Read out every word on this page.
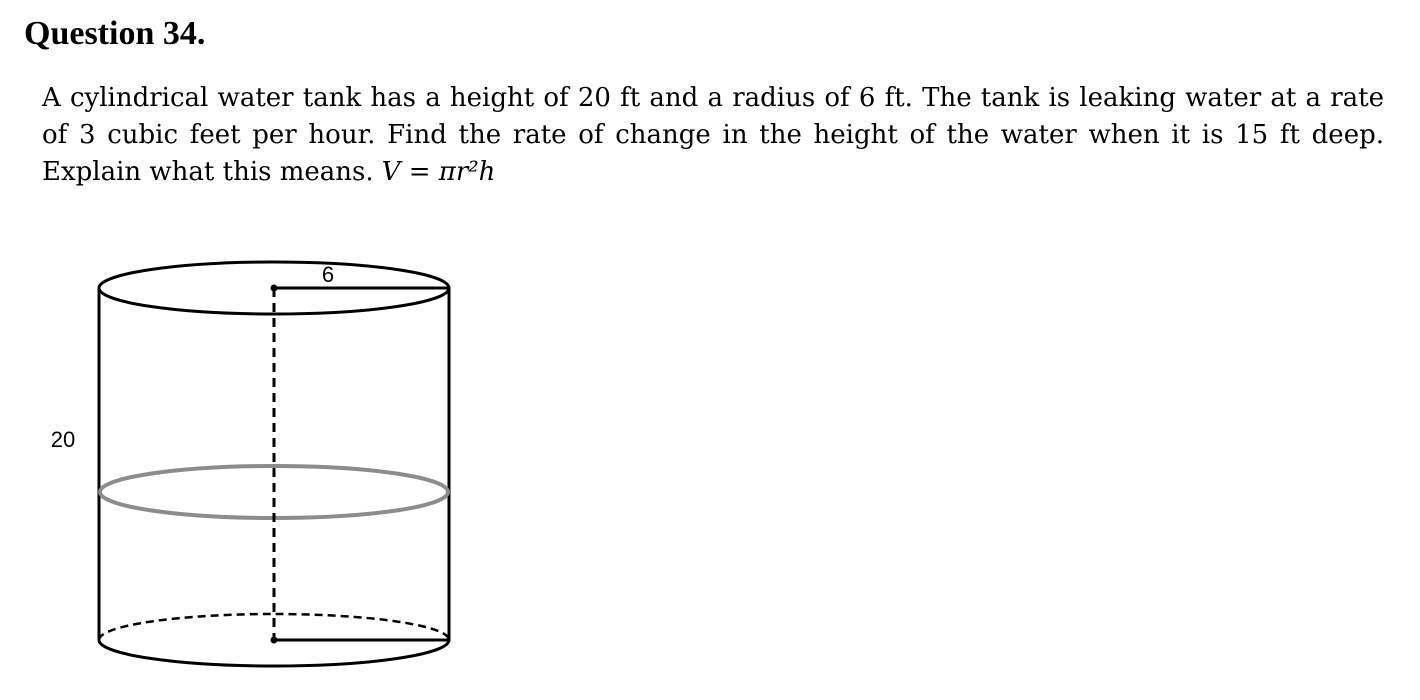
Question 34.

A cylindrical water tank has a height of 20 ft and a radius of 6 ft. The tank is leaking water at a rate of 3 cubic feet per hour. Find the rate of change in the height of the water when it is 15 ft deep. Explain what this means. V = πr²h

6
20
